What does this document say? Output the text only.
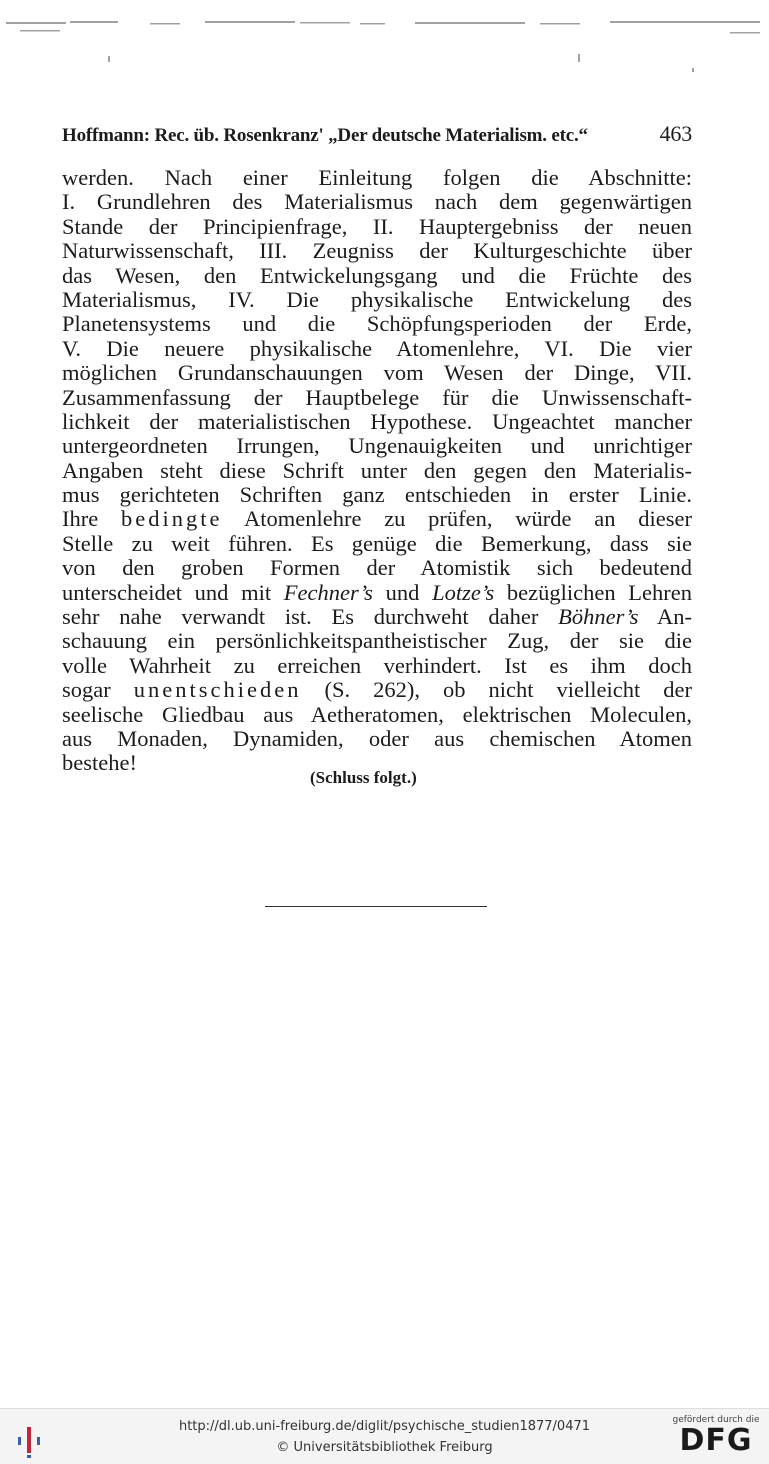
Hoffmann: Rec. üb. Rosenkranz' „Der deutsche Materialism. etc.“	463
werden. Nach einer Einleitung folgen die Abschnitte:
I. Grundlehren des Materialismus nach dem gegenwärtigen
Stande der Principienfrage, II. Hauptergebniss der neuen
Naturwissenschaft, III. Zeugniss der Kulturgeschichte über
das Wesen, den Entwickelungsgang und die Früchte des
Materialismus, IV. Die physikalische Entwickelung des
Planetensystems und die Schöpfungsperioden der Erde,
V. Die neuere physikalische Atomenlehre, VI. Die vier
möglichen Grundanschauungen vom Wesen der Dinge, VII.
Zusammenfassung der Hauptbelege für die Unwissenschaft-
lichkeit der materialistischen Hypothese. Ungeachtet mancher
untergeordneten Irrungen, Ungenauigkeiten und unrichtiger
Angaben steht diese Schrift unter den gegen den Materialis-
mus gerichteten Schriften ganz entschieden in erster Linie.
Ihre bedingte Atomenlehre zu prüfen, würde an dieser
Stelle zu weit führen. Es genüge die Bemerkung, dass sie
von den groben Formen der Atomistik sich bedeutend
unterscheidet und mit Fechner’s und Lotze’s bezüglichen Lehren
sehr nahe verwandt ist. Es durchweht daher Böhner’s An-
schauung ein persönlichkeitspantheistischer Zug, der sie die
volle Wahrheit zu erreichen verhindert. Ist es ihm doch
sogar unentschieden (S. 262), ob nicht vielleicht der
seelische Gliedbau aus Aetheratomen, elektrischen Moleculen,
aus Monaden, Dynamiden, oder aus chemischen Atomen
bestehe!
(Schluss folgt.)
http://dl.ub.uni-freiburg.de/diglit/psychische_studien1877/0471
© Universitätsbibliothek Freiburg
gefördert durch die
DFG
